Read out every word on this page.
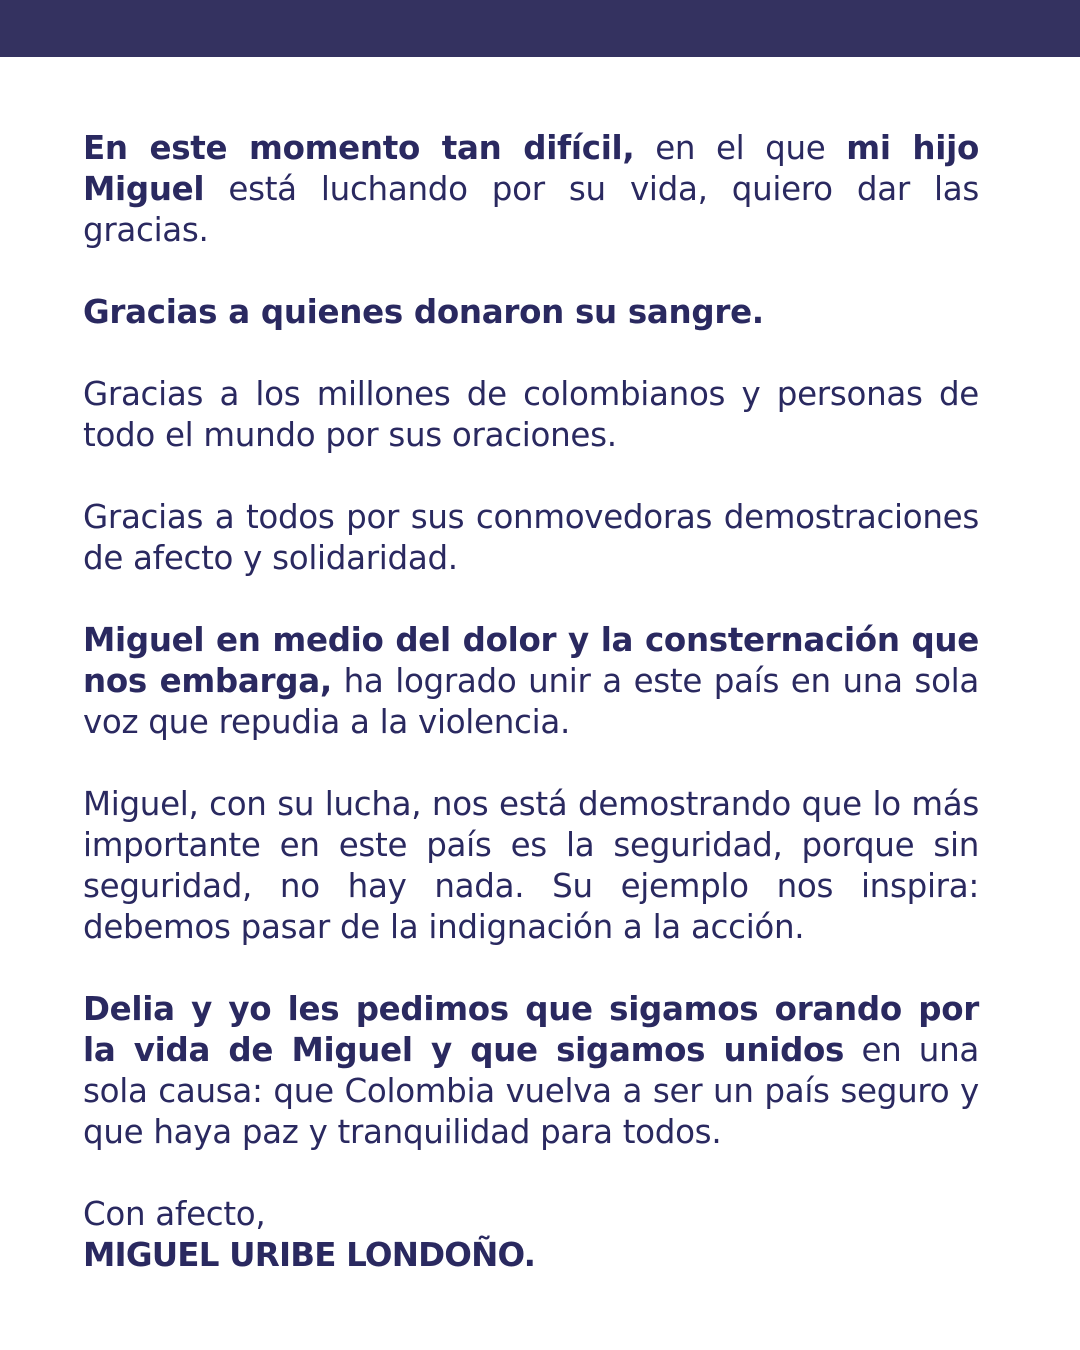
En este momento tan difícil, en el que mi hijo Miguel está luchando por su vida, quiero dar las gracias.

Gracias a quienes donaron su sangre.

Gracias a los millones de colombianos y personas de todo el mundo por sus oraciones.

Gracias a todos por sus conmovedoras demostraciones de afecto y solidaridad.

Miguel en medio del dolor y la consternación que nos embarga, ha logrado unir a este país en una sola voz que repudia a la violencia.

Miguel, con su lucha, nos está demostrando que lo más importante en este país es la seguridad, porque sin seguridad, no hay nada. Su ejemplo nos inspira: debemos pasar de la indignación a la acción.

Delia y yo les pedimos que sigamos orando por la vida de Miguel y que sigamos unidos en una sola causa: que Colombia vuelva a ser un país seguro y que haya paz y tranquilidad para todos.

Con afecto,
MIGUEL URIBE LONDOÑO.
